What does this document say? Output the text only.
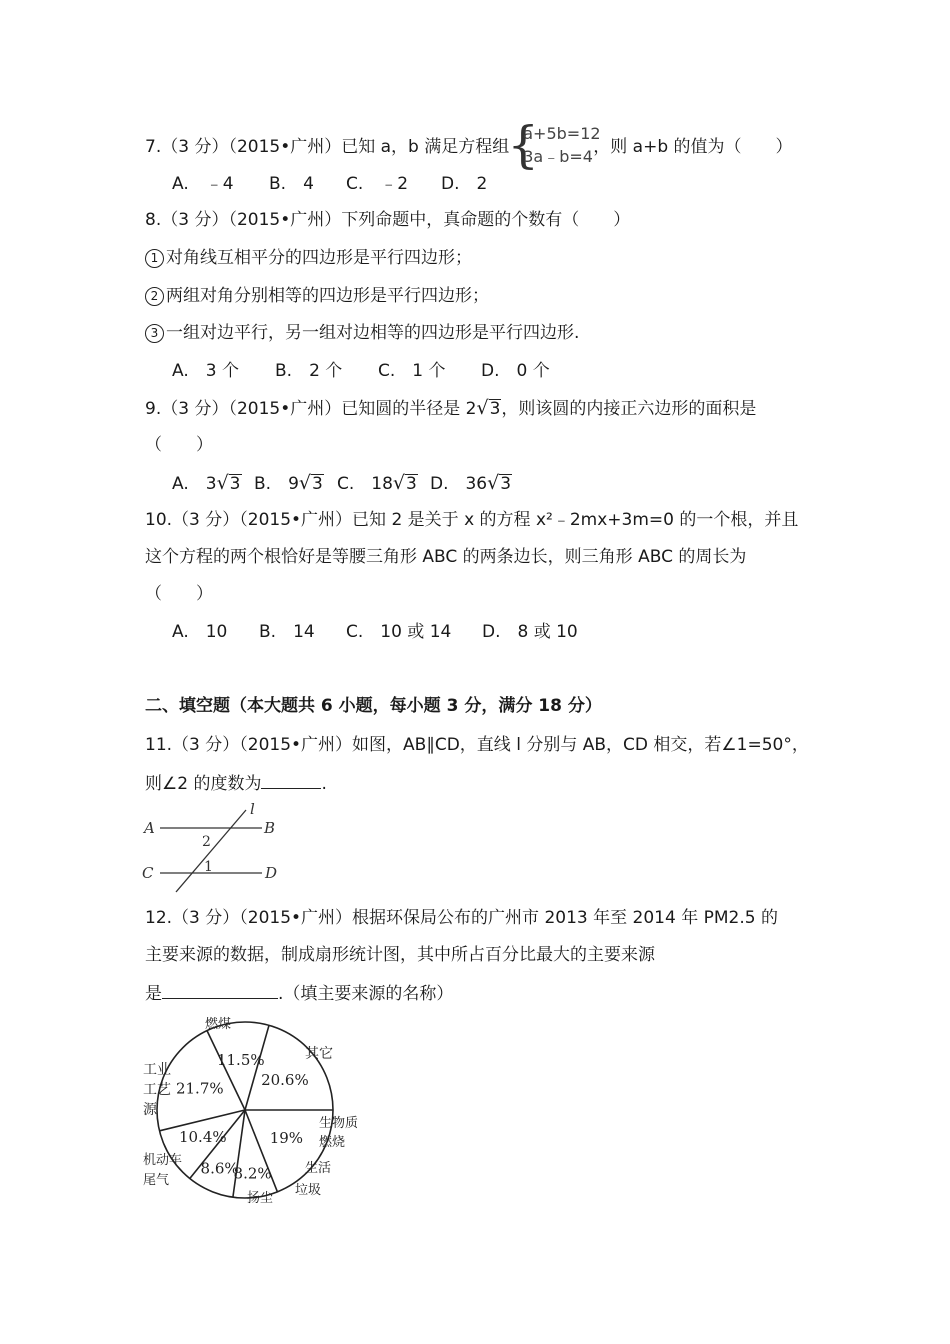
7.（3 分）（2015•广州）已知 a，b 满足方程组
{
a+5b=12
3a﹣b=4 ，则 a+b 的值为（　　）
A.　﹣4 B.　4 C.　﹣2 D.　2
8.（3 分）（2015•广州）下列命题中，真命题的个数有（　　）
1 对角线互相平分的四边形是平行四边形；
2 两组对角分别相等的四边形是平行四边形；
3 一组对边平行，另一组对边相等的四边形是平行四边形.
A.　3 个 B.　2 个 C.　1 个 D.　0 个
9.（3 分）（2015•广州）已知圆的半径是 2√3，则该圆的内接正六边形的面积是
（　　）
A.　3√3 B.　9√3 C.　18√3 D.　36√3
10.（3 分）（2015•广州）已知 2 是关于 x 的方程 x²﹣2mx+3m=0 的一个根，并且
这个方程的两个根恰好是等腰三角形 ABC 的两条边长，则三角形 ABC 的周长为
（　　）
A.　10 B.　14 C.　10 或 14 D.　8 或 10
二、填空题（本大题共 6 小题，每小题 3 分，满分 18 分）
11.（3 分）（2015•广州）如图，AB∥CD，直线 l 分别与 AB，CD 相交，若∠1=50°，
则∠2 的度数为	.
A	B
C	D
l
2
1
12.（3 分）（2015•广州）根据环保局公布的广州市 2013 年至 2014 年 PM2.5 的
主要来源的数据，制成扇形统计图，其中所占百分比最大的主要来源
是	.（填主要来源的名称）
19%
8.2%
8.6%
10.4%
21.7%
11.5%
20.6%
其它
生物质
燃烧
生活
垃圾
扬尘
机动车
尾气
工业
工艺
源
燃煤
